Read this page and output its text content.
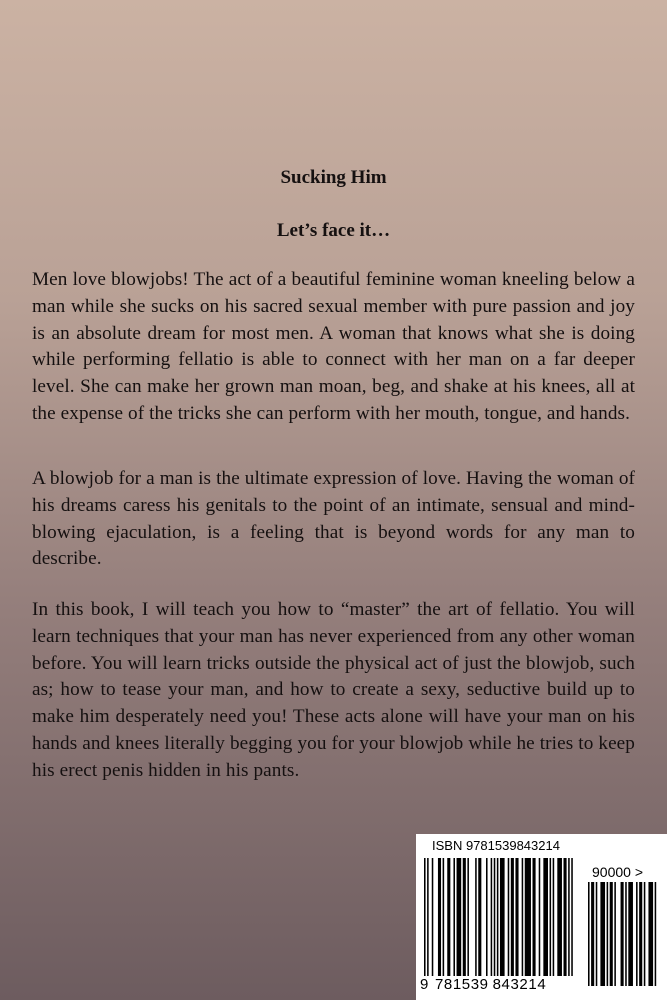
Sucking Him
Let’s face it…

Men love blowjobs! The act of a beautiful feminine woman kneeling below a man while she sucks on his sacred sexual member with pure passion and joy is an absolute dream for most men. A woman that knows what she is doing while performing fellatio is able to connect with her man on a far deeper level. She can make her grown man moan, beg, and shake at his knees, all at the expense of the tricks she can perform with her mouth, tongue, and hands.

A blowjob for a man is the ultimate expression of love. Having the woman of his dreams caress his genitals to the point of an intimate, sensual and mind-blowing ejaculation, is a feeling that is beyond words for any man to describe.

In this book, I will teach you how to “master” the art of fellatio. You will learn techniques that your man has never experienced from any other woman before. You will learn tricks outside the physical act of just the blowjob, such as; how to tease your man, and how to create a sexy, seductive build up to make him desperately need you! These acts alone will have your man on his hands and knees literally begging you for your blowjob while he tries to keep his erect penis hidden in his pants.

ISBN 9781539843214
90000 >
9 781539 843214
